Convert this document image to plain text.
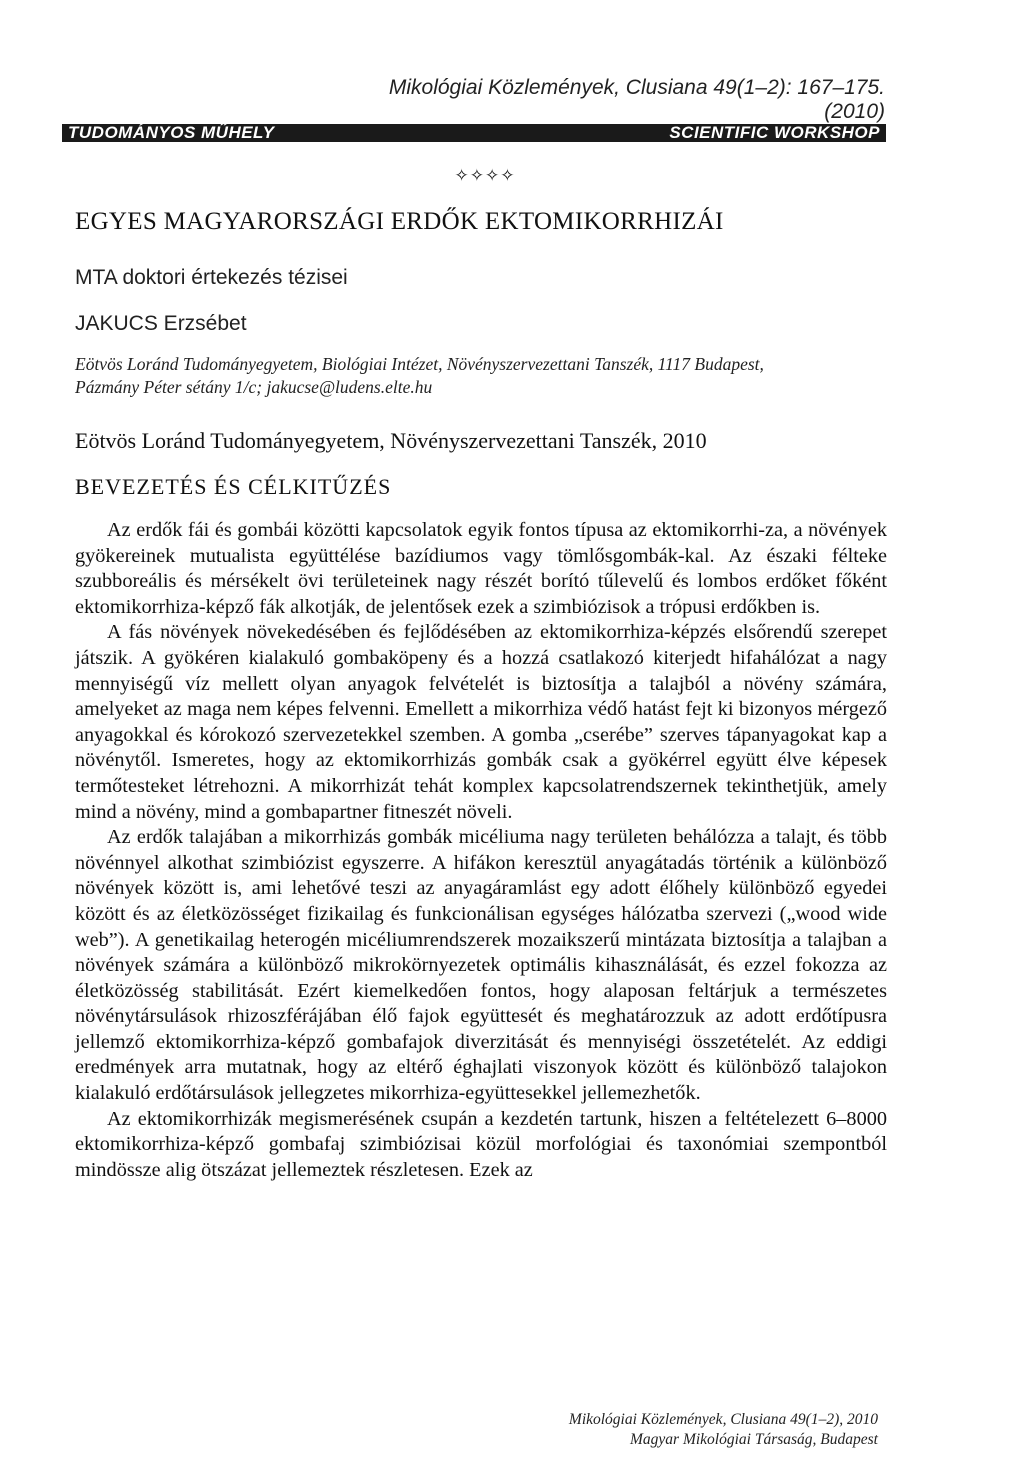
Mikológiai Közlemények, Clusiana 49(1–2): 167–175. (2010)
TUDOMÁNYOS MŰHELY	SCIENTIFIC WORKSHOP
✧✧✧✧
EGYES MAGYARORSZÁGI ERDŐK EKTOMIKORRHIZÁI
MTA doktori értekezés tézisei
JAKUCS Erzsébet
Eötvös Loránd Tudományegyetem, Biológiai Intézet, Növényszervezettani Tanszék, 1117 Budapest,
Pázmány Péter sétány 1/c; jakucse@ludens.elte.hu
Eötvös Loránd Tudományegyetem, Növényszervezettani Tanszék, 2010
BEVEZETÉS ÉS CÉLKITŰZÉS

Az erdők fái és gombái közötti kapcsolatok egyik fontos típusa az ektomikorrhi-za, a növények gyökereinek mutualista együttélése bazídiumos vagy tömlősgombák-kal. Az északi félteke szubboreális és mérsékelt övi területeinek nagy részét borító tűlevelű és lombos erdőket főként ektomikorrhiza-képző fák alkotják, de jelentősek ezek a szimbiózisok a trópusi erdőkben is.

A fás növények növekedésében és fejlődésében az ektomikorrhiza-képzés elsőrendű szerepet játszik. A gyökéren kialakuló gombaköpeny és a hozzá csatlakozó kiterjedt hifahálózat a nagy mennyiségű víz mellett olyan anyagok felvételét is biztosítja a talajból a növény számára, amelyeket az maga nem képes felvenni. Emellett a mikorrhiza védő hatást fejt ki bizonyos mérgező anyagokkal és kórokozó szervezetekkel szemben. A gomba „cserébe” szerves tápanyagokat kap a növénytől. Ismeretes, hogy az ektomikorrhizás gombák csak a gyökérrel együtt élve képesek termőtesteket létrehozni. A mikorrhizát tehát komplex kapcsolatrendszernek tekinthetjük, amely mind a növény, mind a gombapartner fitneszét növeli.

Az erdők talajában a mikorrhizás gombák micéliuma nagy területen behálózza a talajt, és több növénnyel alkothat szimbiózist egyszerre. A hifákon keresztül anyagátadás történik a különböző növények között is, ami lehetővé teszi az anyagáramlást egy adott élőhely különböző egyedei között és az életközösséget fizikailag és funkcionálisan egységes hálózatba szervezi („wood wide web”). A genetikailag heterogén micéliumrendszerek mozaikszerű mintázata biztosítja a talajban a növények számára a különböző mikrokörnyezetek optimális kihasználását, és ezzel fokozza az életközösség stabilitását. Ezért kiemelkedően fontos, hogy alaposan feltárjuk a természetes növénytársulások rhizoszférájában élő fajok együttesét és meghatározzuk az adott erdőtípusra jellemző ektomikorrhiza-képző gombafajok diverzitását és mennyiségi összetételét. Az eddigi eredmények arra mutatnak, hogy az eltérő éghajlati viszonyok között és különböző talajokon kialakuló erdőtársulások jellegzetes mikorrhiza-együttesekkel jellemezhetők.

Az ektomikorrhizák megismerésének csupán a kezdetén tartunk, hiszen a feltételezett 6–8000 ektomikorrhiza-képző gombafaj szimbiózisai közül morfológiai és taxonómiai szempontból mindössze alig ötszázat jellemeztek részletesen. Ezek az

Mikológiai Közlemények, Clusiana 49(1–2), 2010
Magyar Mikológiai Társaság, Budapest
